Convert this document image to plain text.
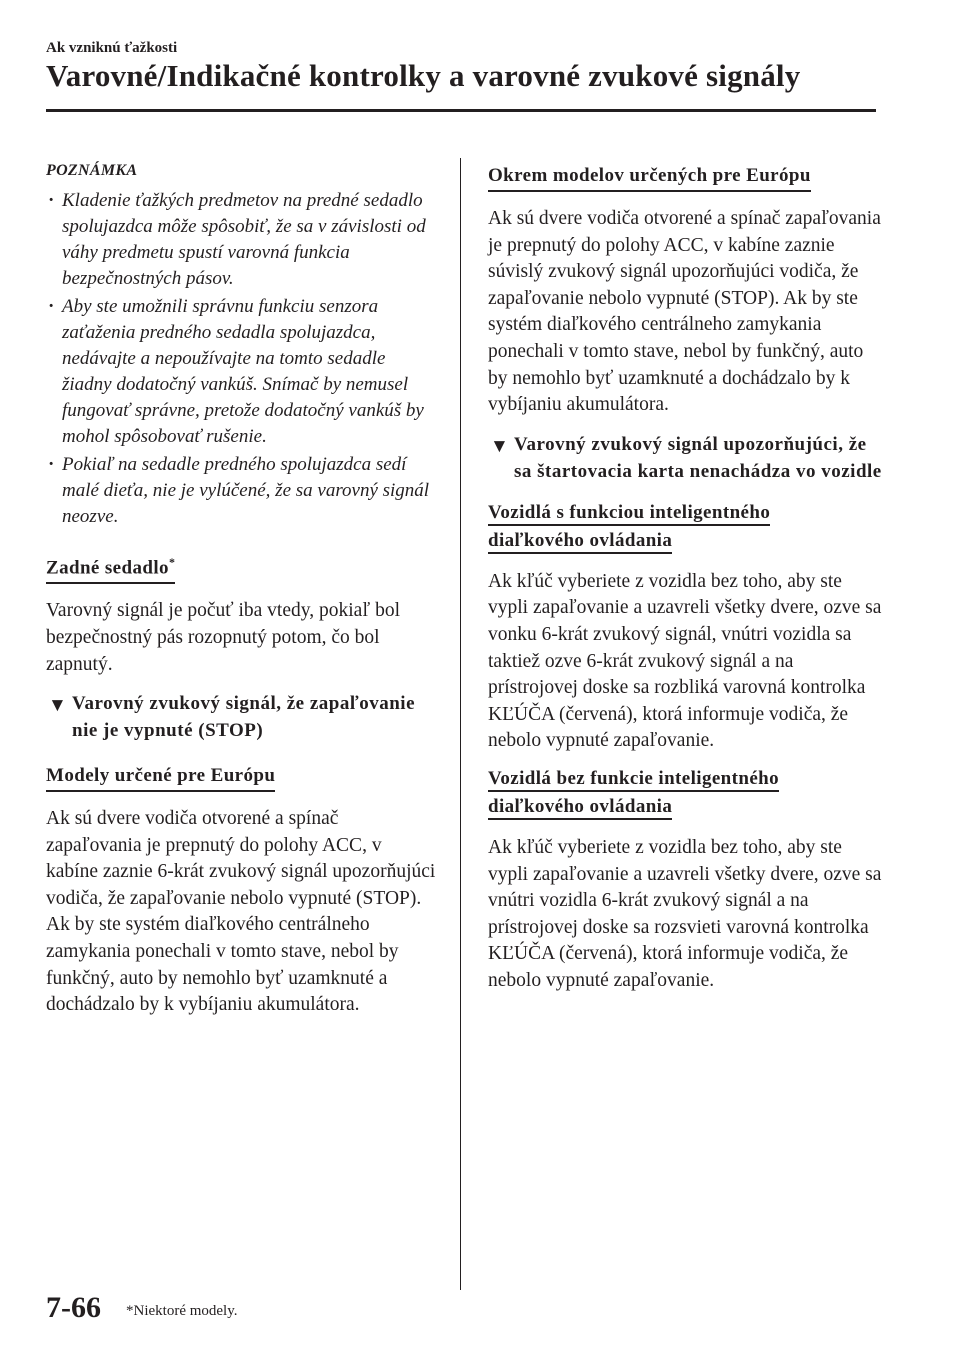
Ak vzniknú ťažkosti
Varovné/Indikačné kontrolky a varovné zvukové signály
POZNÁMKA
· Kladenie ťažkých predmetov na predné sedadlo spolujazdca môže spôsobiť, že sa v závislosti od váhy predmetu spustí varovná funkcia bezpečnostných pásov.
· Aby ste umožnili správnu funkciu senzora zaťaženia predného sedadla spolujazdca, nedávajte a nepoužívajte na tomto sedadle žiadny dodatočný vankúš. Snímač by nemusel fungovať správne, pretože dodatočný vankúš by mohol spôsobovať rušenie.
· Pokiaľ na sedadle predného spolujazdca sedí malé dieťa, nie je vylúčené, že sa varovný signál neozve.
Zadné sedadlo*

Varovný signál je počuť iba vtedy, pokiaľ bol bezpečnostný pás rozopnutý potom, čo bol zapnutý.

▼ Varovný zvukový signál, že zapaľovanie nie je vypnuté (STOP)
Modely určené pre Európu

Ak sú dvere vodiča otvorené a spínač zapaľovania je prepnutý do polohy ACC, v kabíne zaznie 6-krát zvukový signál upozorňujúci vodiča, že zapaľovanie nebolo vypnuté (STOP). Ak by ste systém diaľkového centrálneho zamykania ponechali v tomto stave, nebol by funkčný, auto by nemohlo byť uzamknuté a dochádzalo by k vybíjaniu akumulátora.

Okrem modelov určených pre Európu

Ak sú dvere vodiča otvorené a spínač zapaľovania je prepnutý do polohy ACC, v kabíne zaznie súvislý zvukový signál upozorňujúci vodiča, že zapaľovanie nebolo vypnuté (STOP). Ak by ste systém diaľkového centrálneho zamykania ponechali v tomto stave, nebol by funkčný, auto by nemohlo byť uzamknuté a dochádzalo by k vybíjaniu akumulátora.

▼ Varovný zvukový signál upozorňujúci, že sa štartovacia karta nenachádza vo vozidle
Vozidlá s funkciou inteligentného
diaľkového ovládania

Ak kľúč vyberiete z vozidla bez toho, aby ste vypli zapaľovanie a uzavreli všetky dvere, ozve sa vonku 6-krát zvukový signál, vnútri vozidla sa taktiež ozve 6-krát zvukový signál a na prístrojovej doske sa rozbliká varovná kontrolka KĽÚČA (červená), ktorá informuje vodiča, že nebolo vypnuté zapaľovanie.

Vozidlá bez funkcie inteligentného
diaľkového ovládania

Ak kľúč vyberiete z vozidla bez toho, aby ste vypli zapaľovanie a uzavreli všetky dvere, ozve sa vnútri vozidla 6-krát zvukový signál a na prístrojovej doske sa rozsvieti varovná kontrolka KĽÚČA (červená), ktorá informuje vodiča, že nebolo vypnuté zapaľovanie.

7-66 *Niektoré modely.
